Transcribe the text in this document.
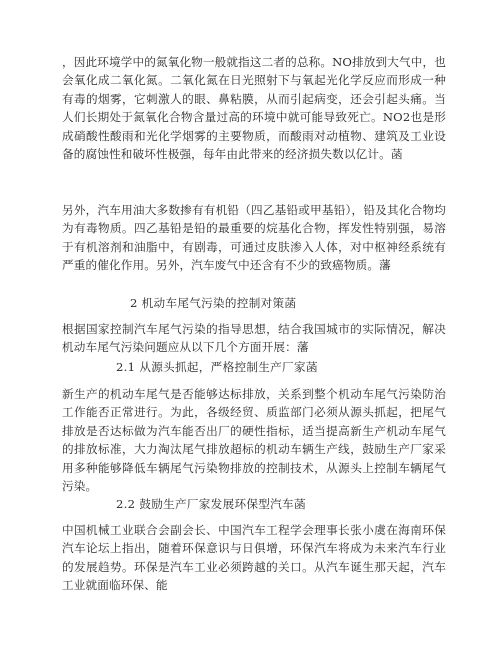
，因此环境学中的氮氧化物一般就指这二者的总称。NO排放到大气中，也会氧化成二氧化氮。二氧化氮在日光照射下与氧起光化学反应而形成一种有毒的烟雾，它刺激人的眼、鼻粘膜，从而引起病变，还会引起头痛。当人们长期处于氮氧化合物含量过高的环境中就可能导致死亡。NO2也是形成硝酸性酸雨和光化学烟雾的主要物质，而酸雨对动植物、建筑及工业设备的腐蚀性和破坏性极强，每年由此带来的经济损失数以亿计。菡

另外，汽车用油大多数掺有有机铅（四乙基铅或甲基铅），铅及其化合物均为有毒物质。四乙基铅是铅的最重要的烷基化合物，挥发性特别强，易溶于有机溶剂和油脂中，有剧毒，可通过皮肤渗入人体，对中枢神经系统有严重的催化作用。另外，汽车废气中还含有不少的致癌物质。藩

2 机动车尾气污染的控制对策菡

根据国家控制汽车尾气污染的指导思想，结合我国城市的实际情况，解决机动车尾气污染问题应从以下几个方面开展：藩

2.1 从源头抓起，严格控制生产厂家菡

新生产的机动车尾气是否能够达标排放，关系到整个机动车尾气污染防治工作能否正常进行。为此，各级经贸、质监部门必须从源头抓起，把尾气排放是否达标做为汽车能否出厂的硬性指标，适当提高新生产机动车尾气的排放标准，大力淘汰尾气排放超标的机动车辆生产线，鼓励生产厂家采用多种能够降低车辆尾气污染物排放的控制技术，从源头上控制车辆尾气污染。

2.2 鼓励生产厂家发展环保型汽车菡

中国机械工业联合会副会长、中国汽车工程学会理事长张小虞在海南环保汽车论坛上指出，随着环保意识与日俱增，环保汽车将成为未来汽车行业的发展趋势。环保是汽车工业必须跨越的关口。从汽车诞生那天起，汽车工业就面临环保、能
